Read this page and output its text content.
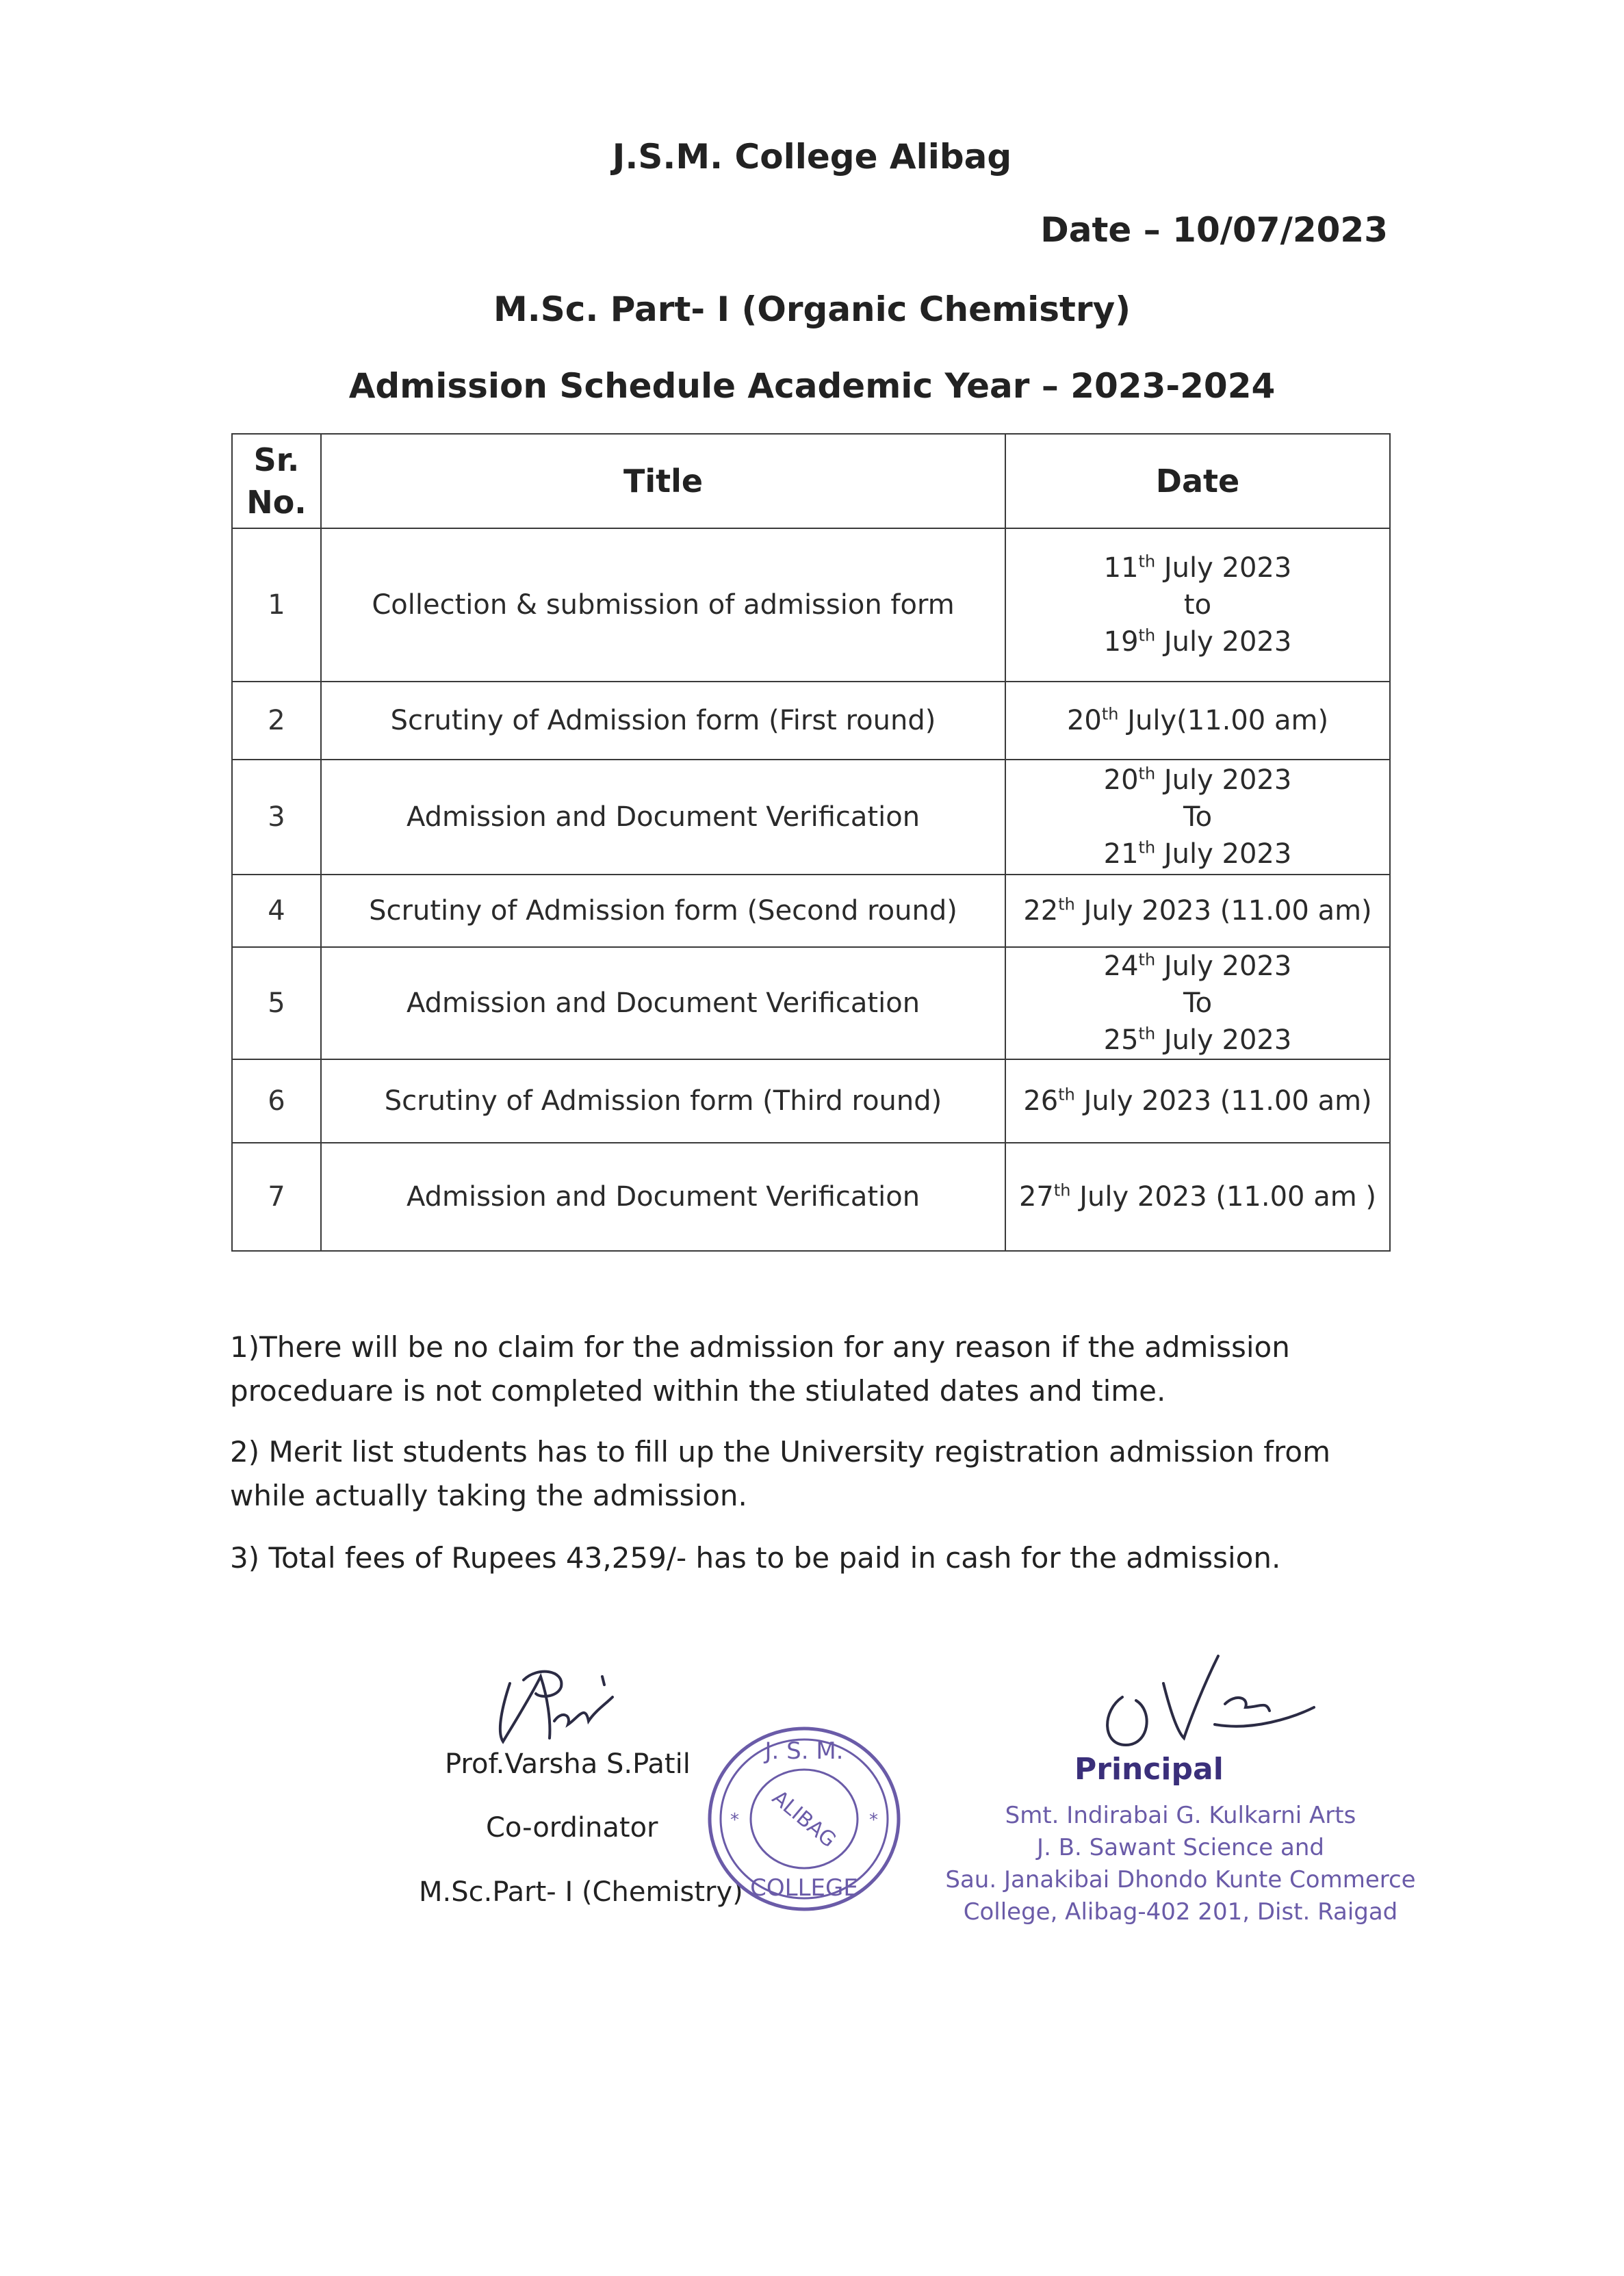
J.S.M. College Alibag
Date – 10/07/2023
M.Sc. Part- I (Organic Chemistry)
Admission Schedule Academic Year – 2023-2024
Sr.
No.	Title	Date
1	Collection & submission of admission form	11th July 2023
to
19th July 2023

2	Scrutiny of Admission form (First round)	20th July(11.00 am)

3	Admission and Document Verification	20th July 2023
To
21th July 2023

4	Scrutiny of Admission form (Second round)	22th July 2023 (11.00 am)

5	Admission and Document Verification	24th July 2023
To
25th July 2023

6	Scrutiny of Admission form (Third round)	26th July 2023 (11.00 am)

7	Admission and Document Verification	27th July 2023 (11.00 am )
1)There will be no claim for the admission for any reason if the admission proceduare is not completed within the stiulated dates and time.
2) Merit list students has to fill up the University registration admission from while actually taking the admission.
3) Total fees of Rupees 43,259/- has to be paid in cash for the admission.
Prof.Varsha S.Patil
Co-ordinator
M.Sc.Part- I (Chemistry)
J. S. M.
ALIBAG
COLLEGE
*	*
Principal
Smt. Indirabai G. Kulkarni Arts
J. B. Sawant Science and
Sau. Janakibai Dhondo Kunte Commerce
College, Alibag-402 201, Dist. Raigad
